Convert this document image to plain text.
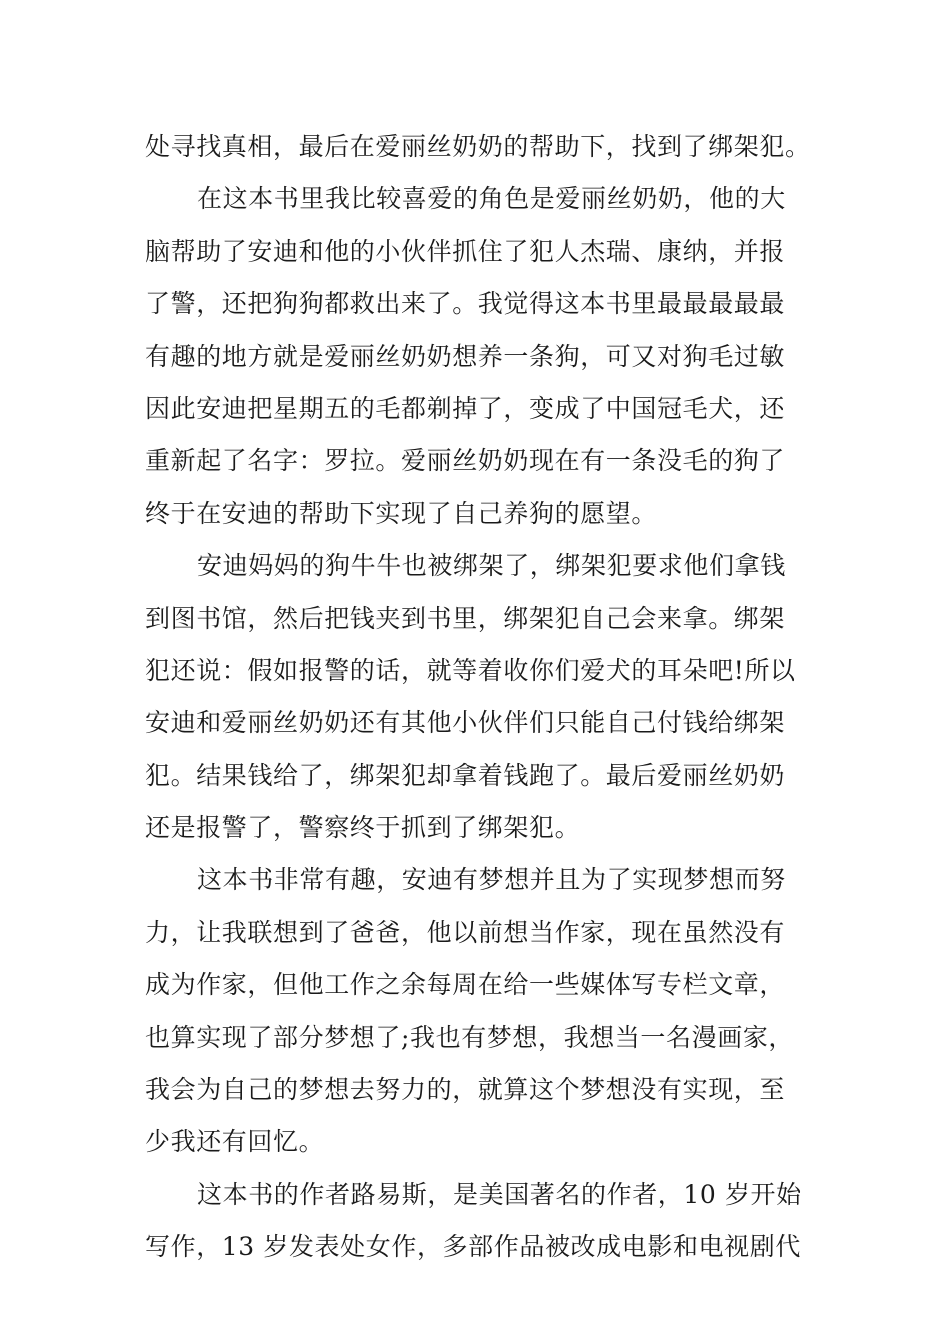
处寻找真相，最后在爱丽丝奶奶的帮助下，找到了绑架犯。
在这本书里我比较喜爱的角色是爱丽丝奶奶，他的大
脑帮助了安迪和他的小伙伴抓住了犯人杰瑞、康纳，并报
了警，还把狗狗都救出来了。我觉得这本书里最最最最最
有趣的地方就是爱丽丝奶奶想养一条狗，可又对狗毛过敏
因此安迪把星期五的毛都剃掉了，变成了中国冠毛犬，还
重新起了名字：罗拉。爱丽丝奶奶现在有一条没毛的狗了
终于在安迪的帮助下实现了自己养狗的愿望。
安迪妈妈的狗牛牛也被绑架了，绑架犯要求他们拿钱
到图书馆，然后把钱夹到书里，绑架犯自己会来拿。绑架
犯还说：假如报警的话，就等着收你们爱犬的耳朵吧!所以
安迪和爱丽丝奶奶还有其他小伙伴们只能自己付钱给绑架
犯。结果钱给了，绑架犯却拿着钱跑了。最后爱丽丝奶奶
还是报警了，警察终于抓到了绑架犯。
这本书非常有趣，安迪有梦想并且为了实现梦想而努
力，让我联想到了爸爸，他以前想当作家，现在虽然没有
成为作家，但他工作之余每周在给一些媒体写专栏文章，
也算实现了部分梦想了;我也有梦想，我想当一名漫画家，
我会为自己的梦想去努力的，就算这个梦想没有实现，至
少我还有回忆。
这本书的作者路易斯，是美国著名的作者，10 岁开始
写作，13 岁发表处女作，多部作品被改成电影和电视剧代
